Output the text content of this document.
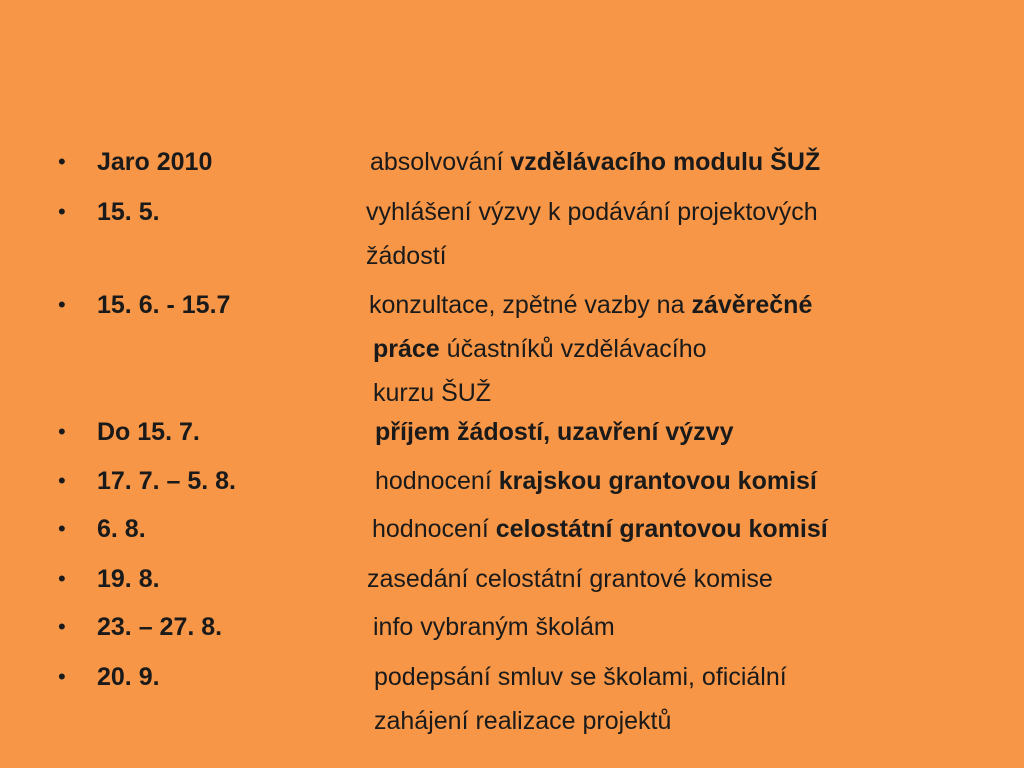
• Jaro 2010	absolvování vzdělávacího modulu ŠUŽ
• 15. 5.	vyhlášení výzvy k podávání projektových
žádostí
• 15. 6. - 15.7	konzultace, zpětné vazby na závěrečné
práce účastníků vzdělávacího
kurzu ŠUŽ
• Do 15. 7.	příjem žádostí, uzavření výzvy
• 17. 7. – 5. 8.	hodnocení krajskou grantovou komisí
• 6. 8.	hodnocení celostátní grantovou komisí
• 19. 8.	zasedání celostátní grantové komise
• 23. – 27. 8.	info vybraným školám
• 20. 9.	podepsání smluv se školami, oficiální
zahájení realizace projektů
